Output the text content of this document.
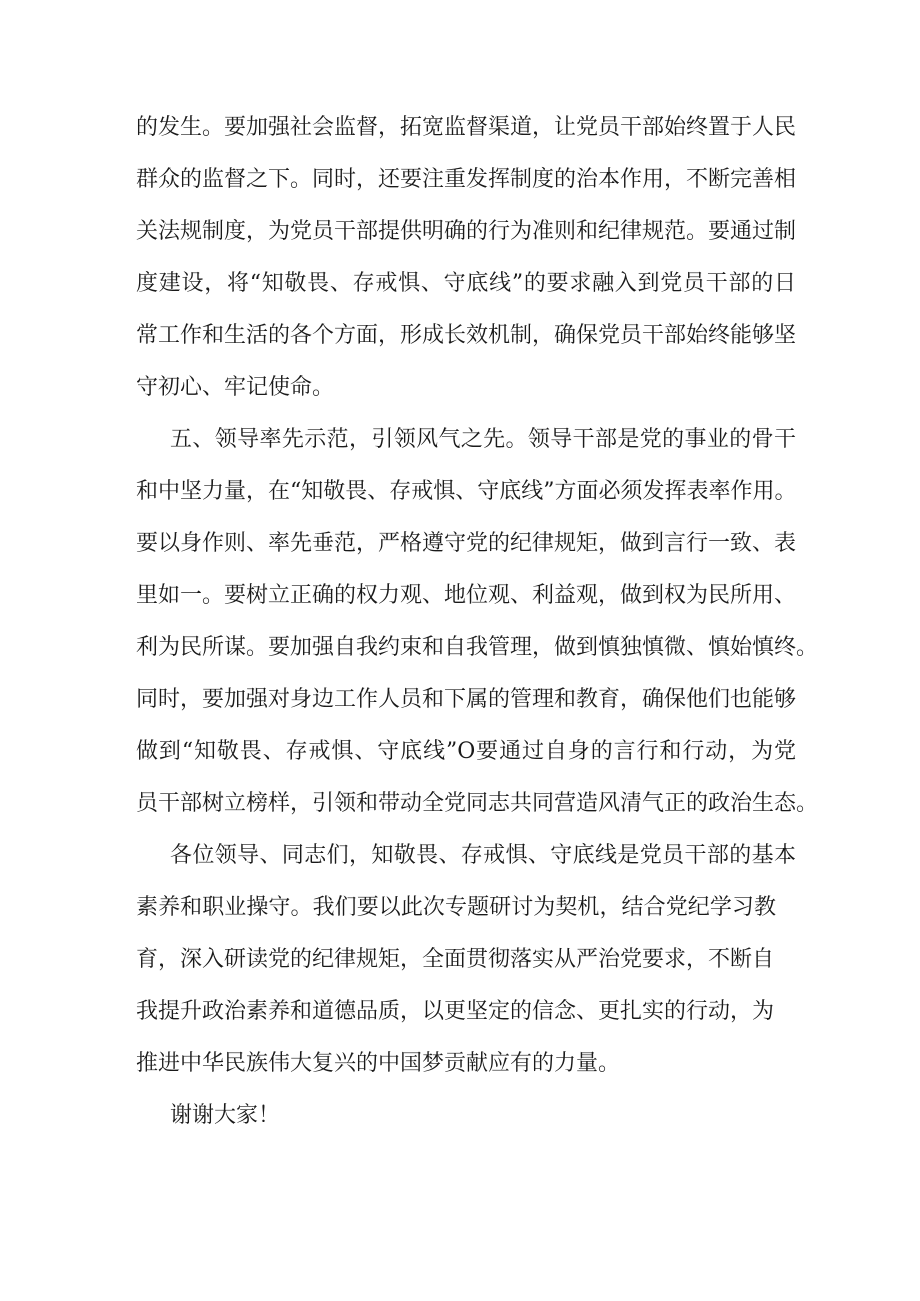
的发生。要加强社会监督，拓宽监督渠道，让党员干部始终置于人民
群众的监督之下。同时，还要注重发挥制度的治本作用，不断完善相
关法规制度，为党员干部提供明确的行为准则和纪律规范。要通过制
度建设，将“知敬畏、存戒惧、守底线”的要求融入到党员干部的日
常工作和生活的各个方面，形成长效机制，确保党员干部始终能够坚
守初心、牢记使命。
五、领导率先示范，引领风气之先。领导干部是党的事业的骨干
和中坚力量，在“知敬畏、存戒惧、守底线”方面必须发挥表率作用。
要以身作则、率先垂范，严格遵守党的纪律规矩，做到言行一致、表
里如一。要树立正确的权力观、地位观、利益观，做到权为民所用、
利为民所谋。要加强自我约束和自我管理，做到慎独慎微、慎始慎终。
同时，要加强对身边工作人员和下属的管理和教育，确保他们也能够
做到“知敬畏、存戒惧、守底线”O要通过自身的言行和行动，为党
员干部树立榜样，引领和带动全党同志共同营造风清气正的政治生态。
各位领导、同志们，知敬畏、存戒惧、守底线是党员干部的基本
素养和职业操守。我们要以此次专题研讨为契机，结合党纪学习教
育，深入研读党的纪律规矩，全面贯彻落实从严治党要求，不断自
我提升政治素养和道德品质，以更坚定的信念、更扎实的行动，为
推进中华民族伟大复兴的中国梦贡献应有的力量。
谢谢大家！
